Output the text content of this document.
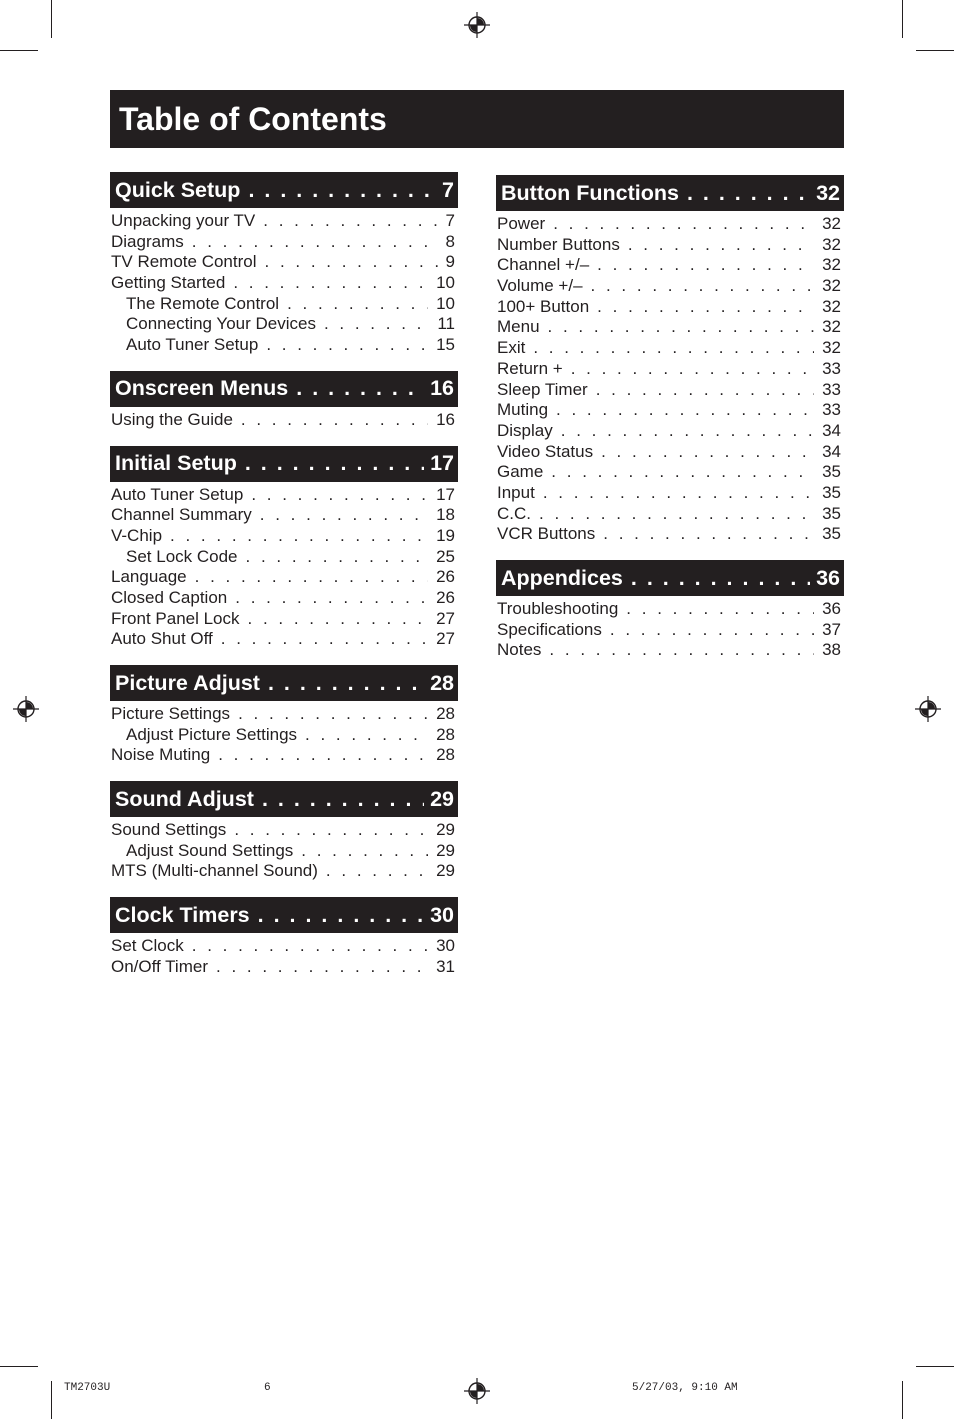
Table of Contents
Quick Setup . . .	7
Unpacking your TV . . .	7
Diagrams . . .	8
TV Remote Control . . .	9
Getting Started . . .	10
The Remote Control . . .	10
Connecting Your Devices . . .	11
Auto Tuner Setup . . .	15
Onscreen Menus . . .	16
Using the Guide . . .	16
Initial Setup . . .	17
Auto Tuner Setup . . .	17
Channel Summary . . .	18
V-Chip . . .	19
Set Lock Code . . .	25
Language . . .	26
Closed Caption . . .	26
Front Panel Lock . . .	27
Auto Shut Off . . .	27
Picture Adjust . . .	28
Picture Settings . . .	28
Adjust Picture Settings . . .	28
Noise Muting . . .	28
Sound Adjust . . .	29
Sound Settings . . .	29
Adjust Sound Settings . . .	29
MTS (Multi-channel Sound) . . .	29
Clock Timers . . .	30
Set Clock . . .	30
On/Off Timer . . .	31
Button Functions . . .	32
Power . . .	32
Number Buttons . . .	32
Channel +/– . . .	32
Volume +/– . . .	32
100+ Button . . .	32
Menu . . .	32
Exit . . .	32
Return + . . .	33
Sleep Timer . . .	33
Muting . . .	33
Display . . .	34
Video Status . . .	34
Game . . .	35
Input . . .	35
C.C. . . .	35
VCR Buttons . . .	35
Appendices . . .	36
Troubleshooting . . .	36
Specifications . . .	37
Notes . . .	38
TM2703U	6	5/27/03, 9:10 AM
